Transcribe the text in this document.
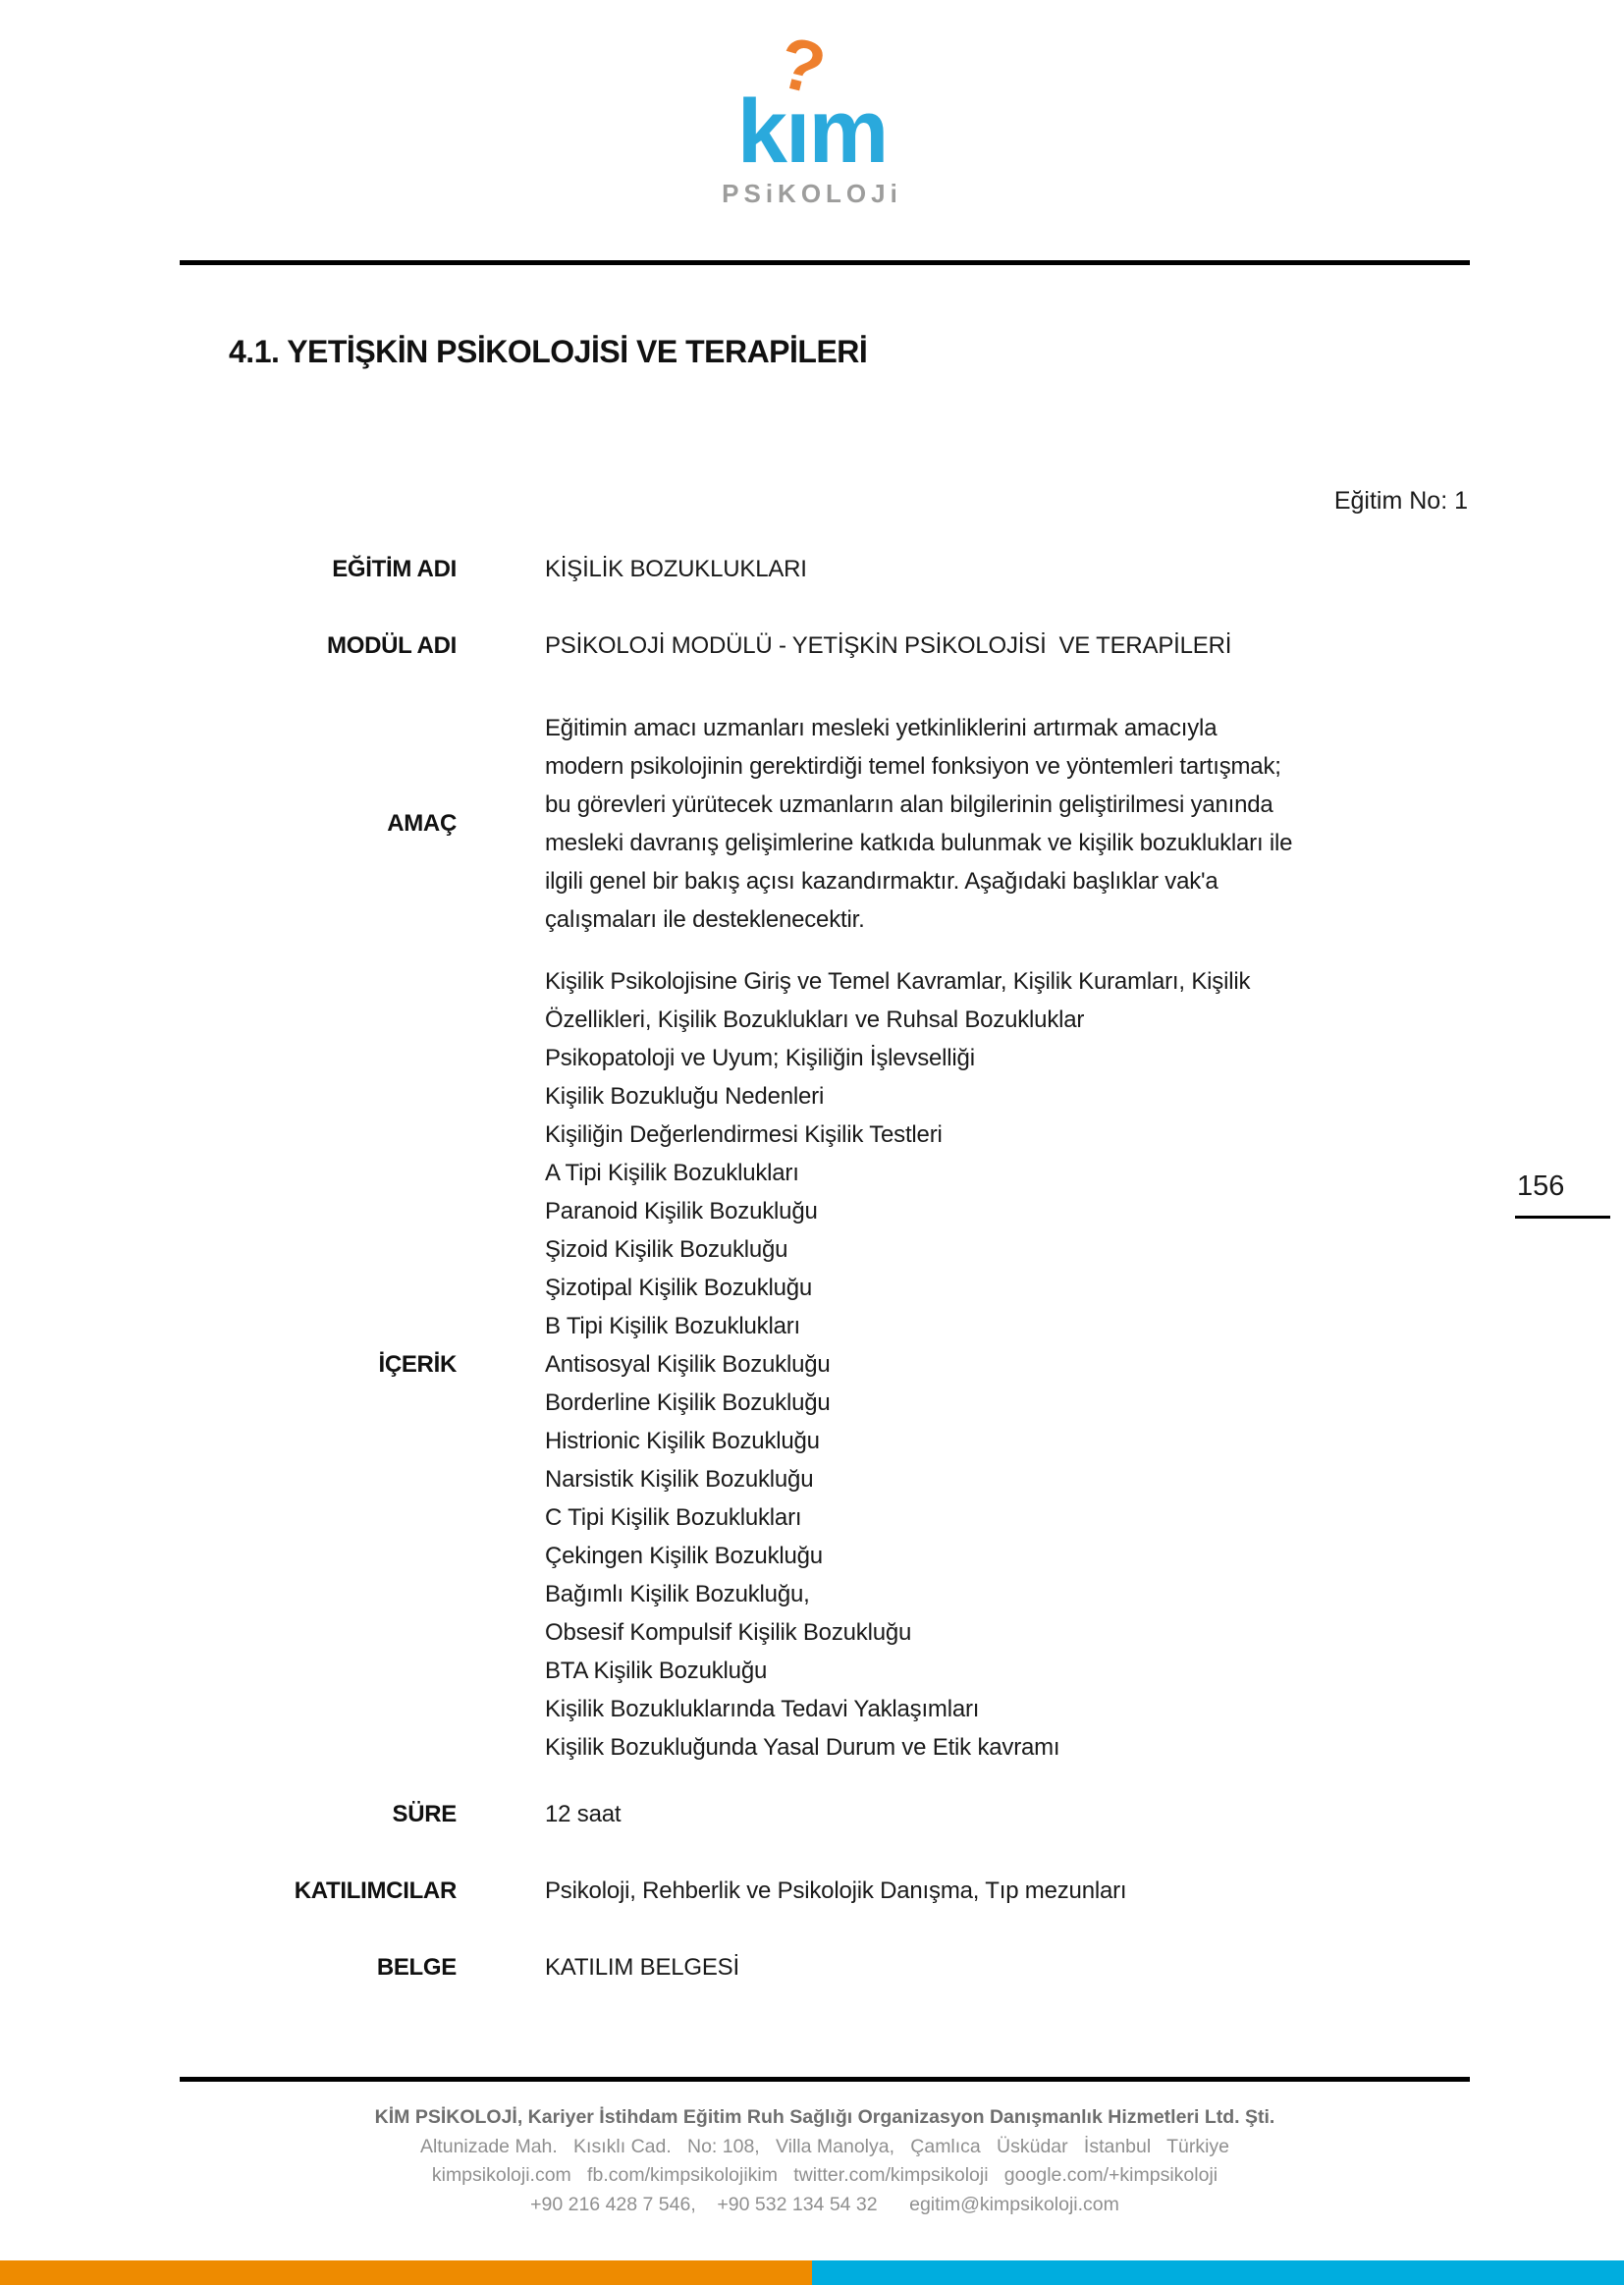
kı
?
m
PSiKOLOJi
4.1. YETİŞKİN PSİKOLOJİSİ VE TERAPİLERİ
Eğitim No: 1
EĞİTİM ADI	KİŞİLİK BOZUKLUKLARI
MODÜL ADI	PSİKOLOJİ MODÜLÜ - YETİŞKİN PSİKOLOJİSİ  VE TERAPİLERİ
AMAÇ
Eğitimin amacı uzmanları mesleki yetkinliklerini artırmak amacıyla
modern psikolojinin gerektirdiği temel fonksiyon ve yöntemleri tartışmak;
bu görevleri yürütecek uzmanların alan bilgilerinin geliştirilmesi yanında
mesleki davranış gelişimlerine katkıda bulunmak ve kişilik bozuklukları ile
ilgili genel bir bakış açısı kazandırmaktır. Aşağıdaki başlıklar vak'a
çalışmaları ile desteklenecektir.
İÇERİK
Kişilik Psikolojisine Giriş ve Temel Kavramlar, Kişilik Kuramları, Kişilik
Özellikleri, Kişilik Bozuklukları ve Ruhsal Bozukluklar
Psikopatoloji ve Uyum; Kişiliğin İşlevselliği
Kişilik Bozukluğu Nedenleri
Kişiliğin Değerlendirmesi Kişilik Testleri
A Tipi Kişilik Bozuklukları
Paranoid Kişilik Bozukluğu
Şizoid Kişilik Bozukluğu
Şizotipal Kişilik Bozukluğu
B Tipi Kişilik Bozuklukları
Antisosyal Kişilik Bozukluğu
Borderline Kişilik Bozukluğu
Histrionic Kişilik Bozukluğu
Narsistik Kişilik Bozukluğu
C Tipi Kişilik Bozuklukları
Çekingen Kişilik Bozukluğu
Bağımlı Kişilik Bozukluğu,
Obsesif Kompulsif Kişilik Bozukluğu
BTA Kişilik Bozukluğu
Kişilik Bozukluklarında Tedavi Yaklaşımları
Kişilik Bozukluğunda Yasal Durum ve Etik kavramı
SÜRE	12 saat
KATILIMCILAR	Psikoloji, Rehberlik ve Psikolojik Danışma, Tıp mezunları
BELGE	KATILIM BELGESİ
156
KİM PSİKOLOJİ, Kariyer İstihdam Eğitim Ruh Sağlığı Organizasyon Danışmanlık Hizmetleri Ltd. Şti.
Altunizade Mah.   Kısıklı Cad.   No: 108,   Villa Manolya,   Çamlıca   Üsküdar   İstanbul   Türkiye
kimpsikoloji.com   fb.com/kimpsikolojikim   twitter.com/kimpsikoloji   google.com/+kimpsikoloji
+90 216 428 7 546,    +90 532 134 54 32      egitim@kimpsikoloji.com
